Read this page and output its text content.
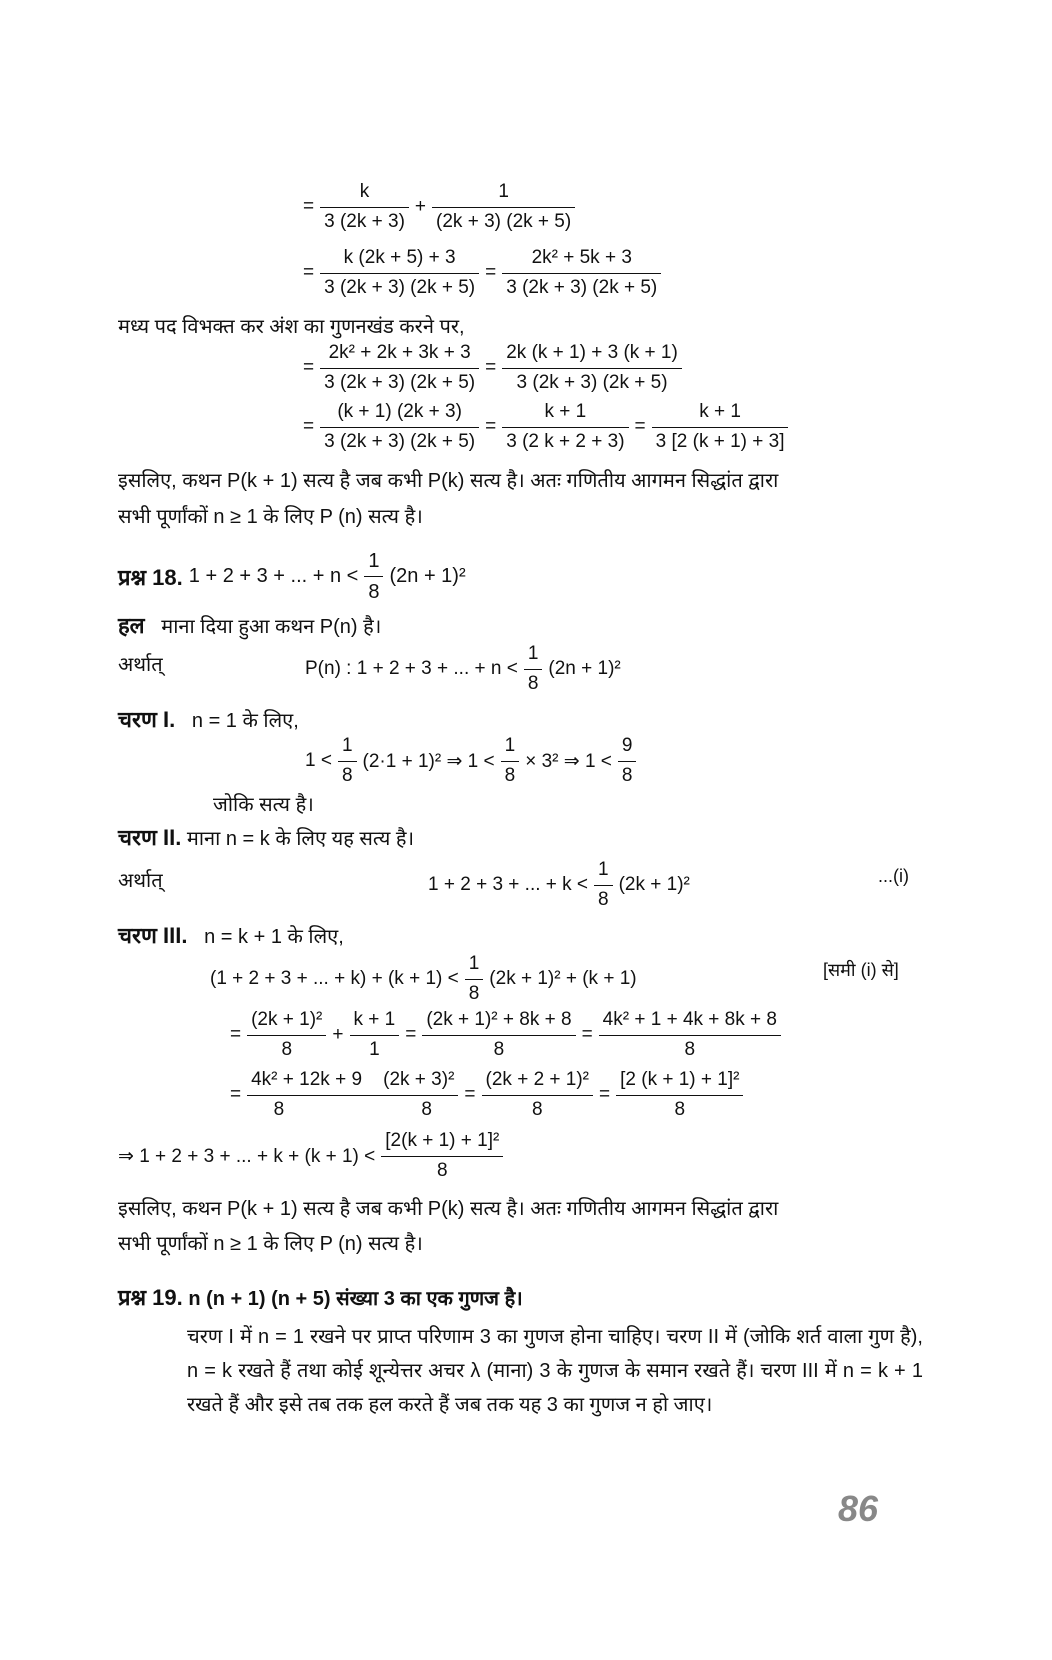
= $\frac{k}{3 (2k + 3)} + \frac{1}{(2k + 3) (2k + 5)}$
= $\frac{k (2k + 5) + 3}{3 (2k + 3) (2k + 5)} = \frac{\text{2k² + 5k + 3}}{3 (2k + 3) (2k + 5)}$
मध्य पद विभक्त कर अंश का गुणनखंड करने पर,
= $\frac{\text{2k² + 2k + 3k + 3}}{3 (2k + 3) (2k + 5)} = \frac{2k (k + 1) + 3 (k + 1)}{3 (2k + 3) (2k + 5)}$
= $\frac{(k + 1) (2k + 3)}{3 (2k + 3) (2k + 5)} = \frac{k + 1}{3 (2 k + 2 + 3)} = \frac{k + 1}{3 [2 (k + 1) + 3]}$
इसलिए, कथन P(k + 1) सत्य है जब कभी P(k) सत्य है। अतः गणितीय आगमन सिद्धांत द्वारा
सभी पूर्णांकों n ≥ 1 के लिए P (n) सत्य है।
प्रश्न 18. 1 + 2 + 3 + ... + $n < \frac{1}{8} (2n + 1)^2$
हल माना दिया हुआ कथन P(n) है।
अर्थात्	P(n) : 1 + 2 + 3 + ... + $n < \frac{1}{8} (2n + 1)^2$
चरण I. n = 1 के लिए,
$1 < \frac{1}{8} (2\cdot 1 + 1)^2$ ⇒ $1 < \frac{1}{8} \times 3^2$ ⇒ $1 < \frac{9}{8}$
जोकि सत्य है।
चरण II. माना n = k के लिए यह सत्य है।
अर्थात्	1 + 2 + 3 + ... + $k < \frac{1}{8} (2k + 1)^2$	...(i)
चरण III. n = k + 1 के लिए,
(1 + 2 + 3 + ... + $k) + (k + 1) < \frac{1}{8} (2k + 1)^2 + (k + 1)$	[समी (i) से]
= $\frac{\text{(2k + 1)²}}{8} + \frac{k + 1}{1} = \frac{\text{(2k + 1)² + 8k + 8}}{8} = \frac{\text{4k² + 1 + 4k + 8k + 8}}{8}$
= $\frac{\text{4k² + 12k + 9    (2k + 3)²}}{8 8} = \frac{\text{(2k + 2 + 1)²}}{8} = \frac{\text{[2 (k + 1) + 1]²}}{8}$
⇒ 1 + 2 + 3 + ... + $k + (k + 1) < \frac{\text{[2(k + 1) + 1]²}}{8}$
इसलिए, कथन P(k + 1) सत्य है जब कभी P(k) सत्य है। अतः गणितीय आगमन सिद्धांत द्वारा
सभी पूर्णांकों n ≥ 1 के लिए P (n) सत्य है।
प्रश्न 19. n (n + 1) (n + 5) संख्या 3 का एक गुणज है।
चरण I में n = 1 रखने पर प्राप्त परिणाम 3 का गुणज होना चाहिए। चरण II में (जोकि शर्त वाला गुण है), n = k रखते हैं तथा कोई शून्येत्तर अचर λ (माना) 3 के गुणज के समान रखते हैं। चरण III में n = k + 1 रखते हैं और इसे तब तक हल करते हैं जब तक यह 3 का गुणज न हो जाए।
86
